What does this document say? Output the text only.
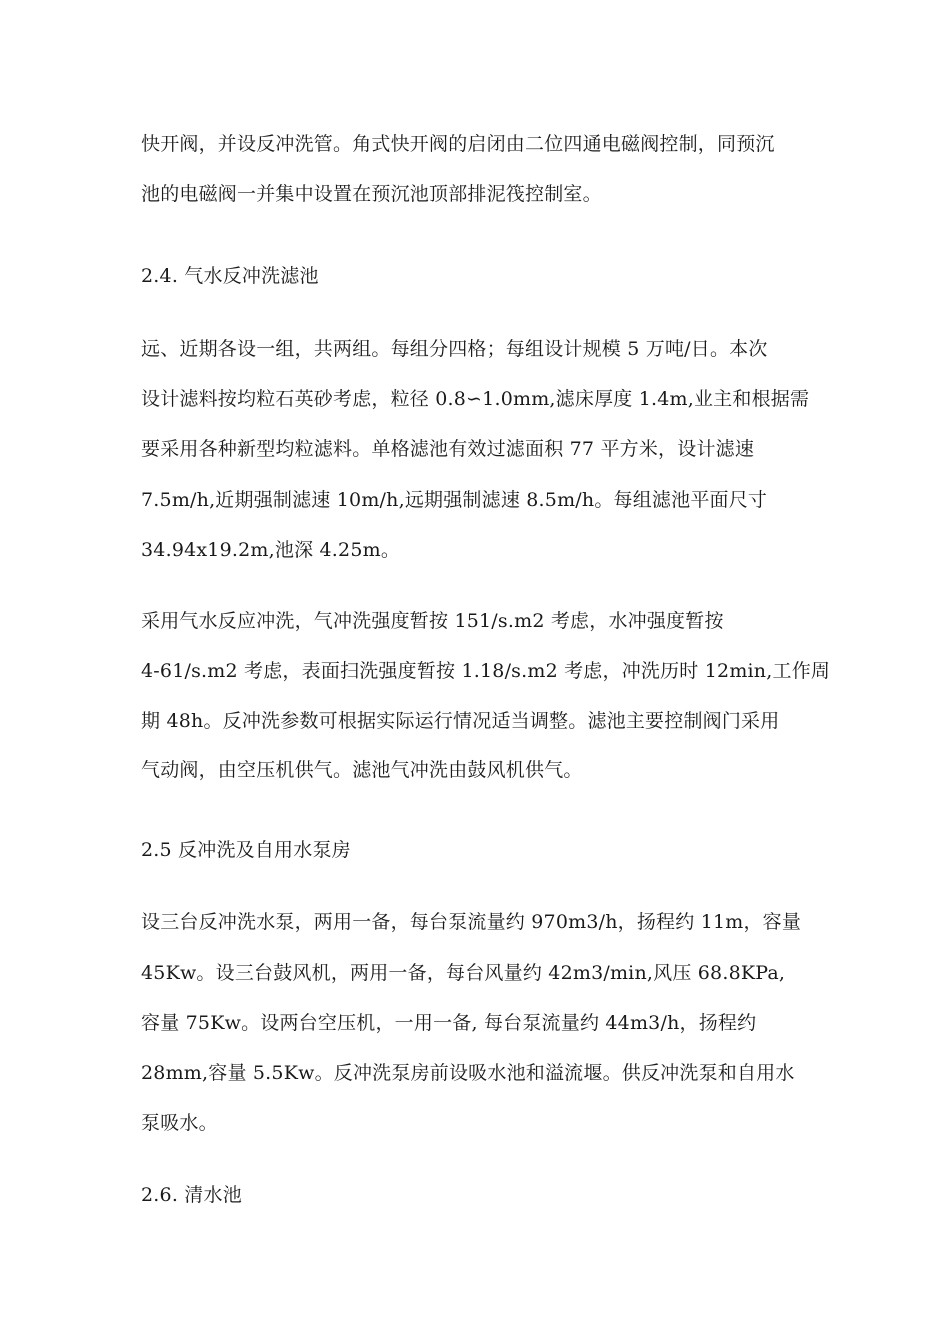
快开阀，并设反冲洗管。角式快开阀的启闭由二位四通电磁阀控制，同预沉
池的电磁阀一并集中设置在预沉池顶部排泥筏控制室。
2.4. 气水反冲洗滤池
远、近期各设一组，共两组。每组分四格；每组设计规模 5 万吨/日。本次
设计滤料按均粒石英砂考虑，粒径 0.8∽1.0mm,滤床厚度 1.4m,业主和根据需
要采用各种新型均粒滤料。单格滤池有效过滤面积 77 平方米，设计滤速
7.5m/h,近期强制滤速 10m/h,远期强制滤速 8.5m/h。每组滤池平面尺寸
34.94x19.2m,池深 4.25m。
采用气水反应冲洗，气冲洗强度暂按 151/s.m2 考虑，水冲强度暂按
4-61/s.m2 考虑，表面扫洗强度暂按 1.18/s.m2 考虑，冲洗历时 12min,工作周
期 48h。反冲洗参数可根据实际运行情况适当调整。滤池主要控制阀门采用
气动阀，由空压机供气。滤池气冲洗由鼓风机供气。
2.5 反冲洗及自用水泵房
设三台反冲洗水泵，两用一备，每台泵流量约 970m3/h，扬程约 11m，容量
45Kw。设三台鼓风机，两用一备，每台风量约 42m3/min,风压 68.8KPa,
容量 75Kw。设两台空压机，一用一备, 每台泵流量约 44m3/h，扬程约
28mm,容量 5.5Kw。反冲洗泵房前设吸水池和溢流堰。供反冲洗泵和自用水
泵吸水。
2.6. 清水池
